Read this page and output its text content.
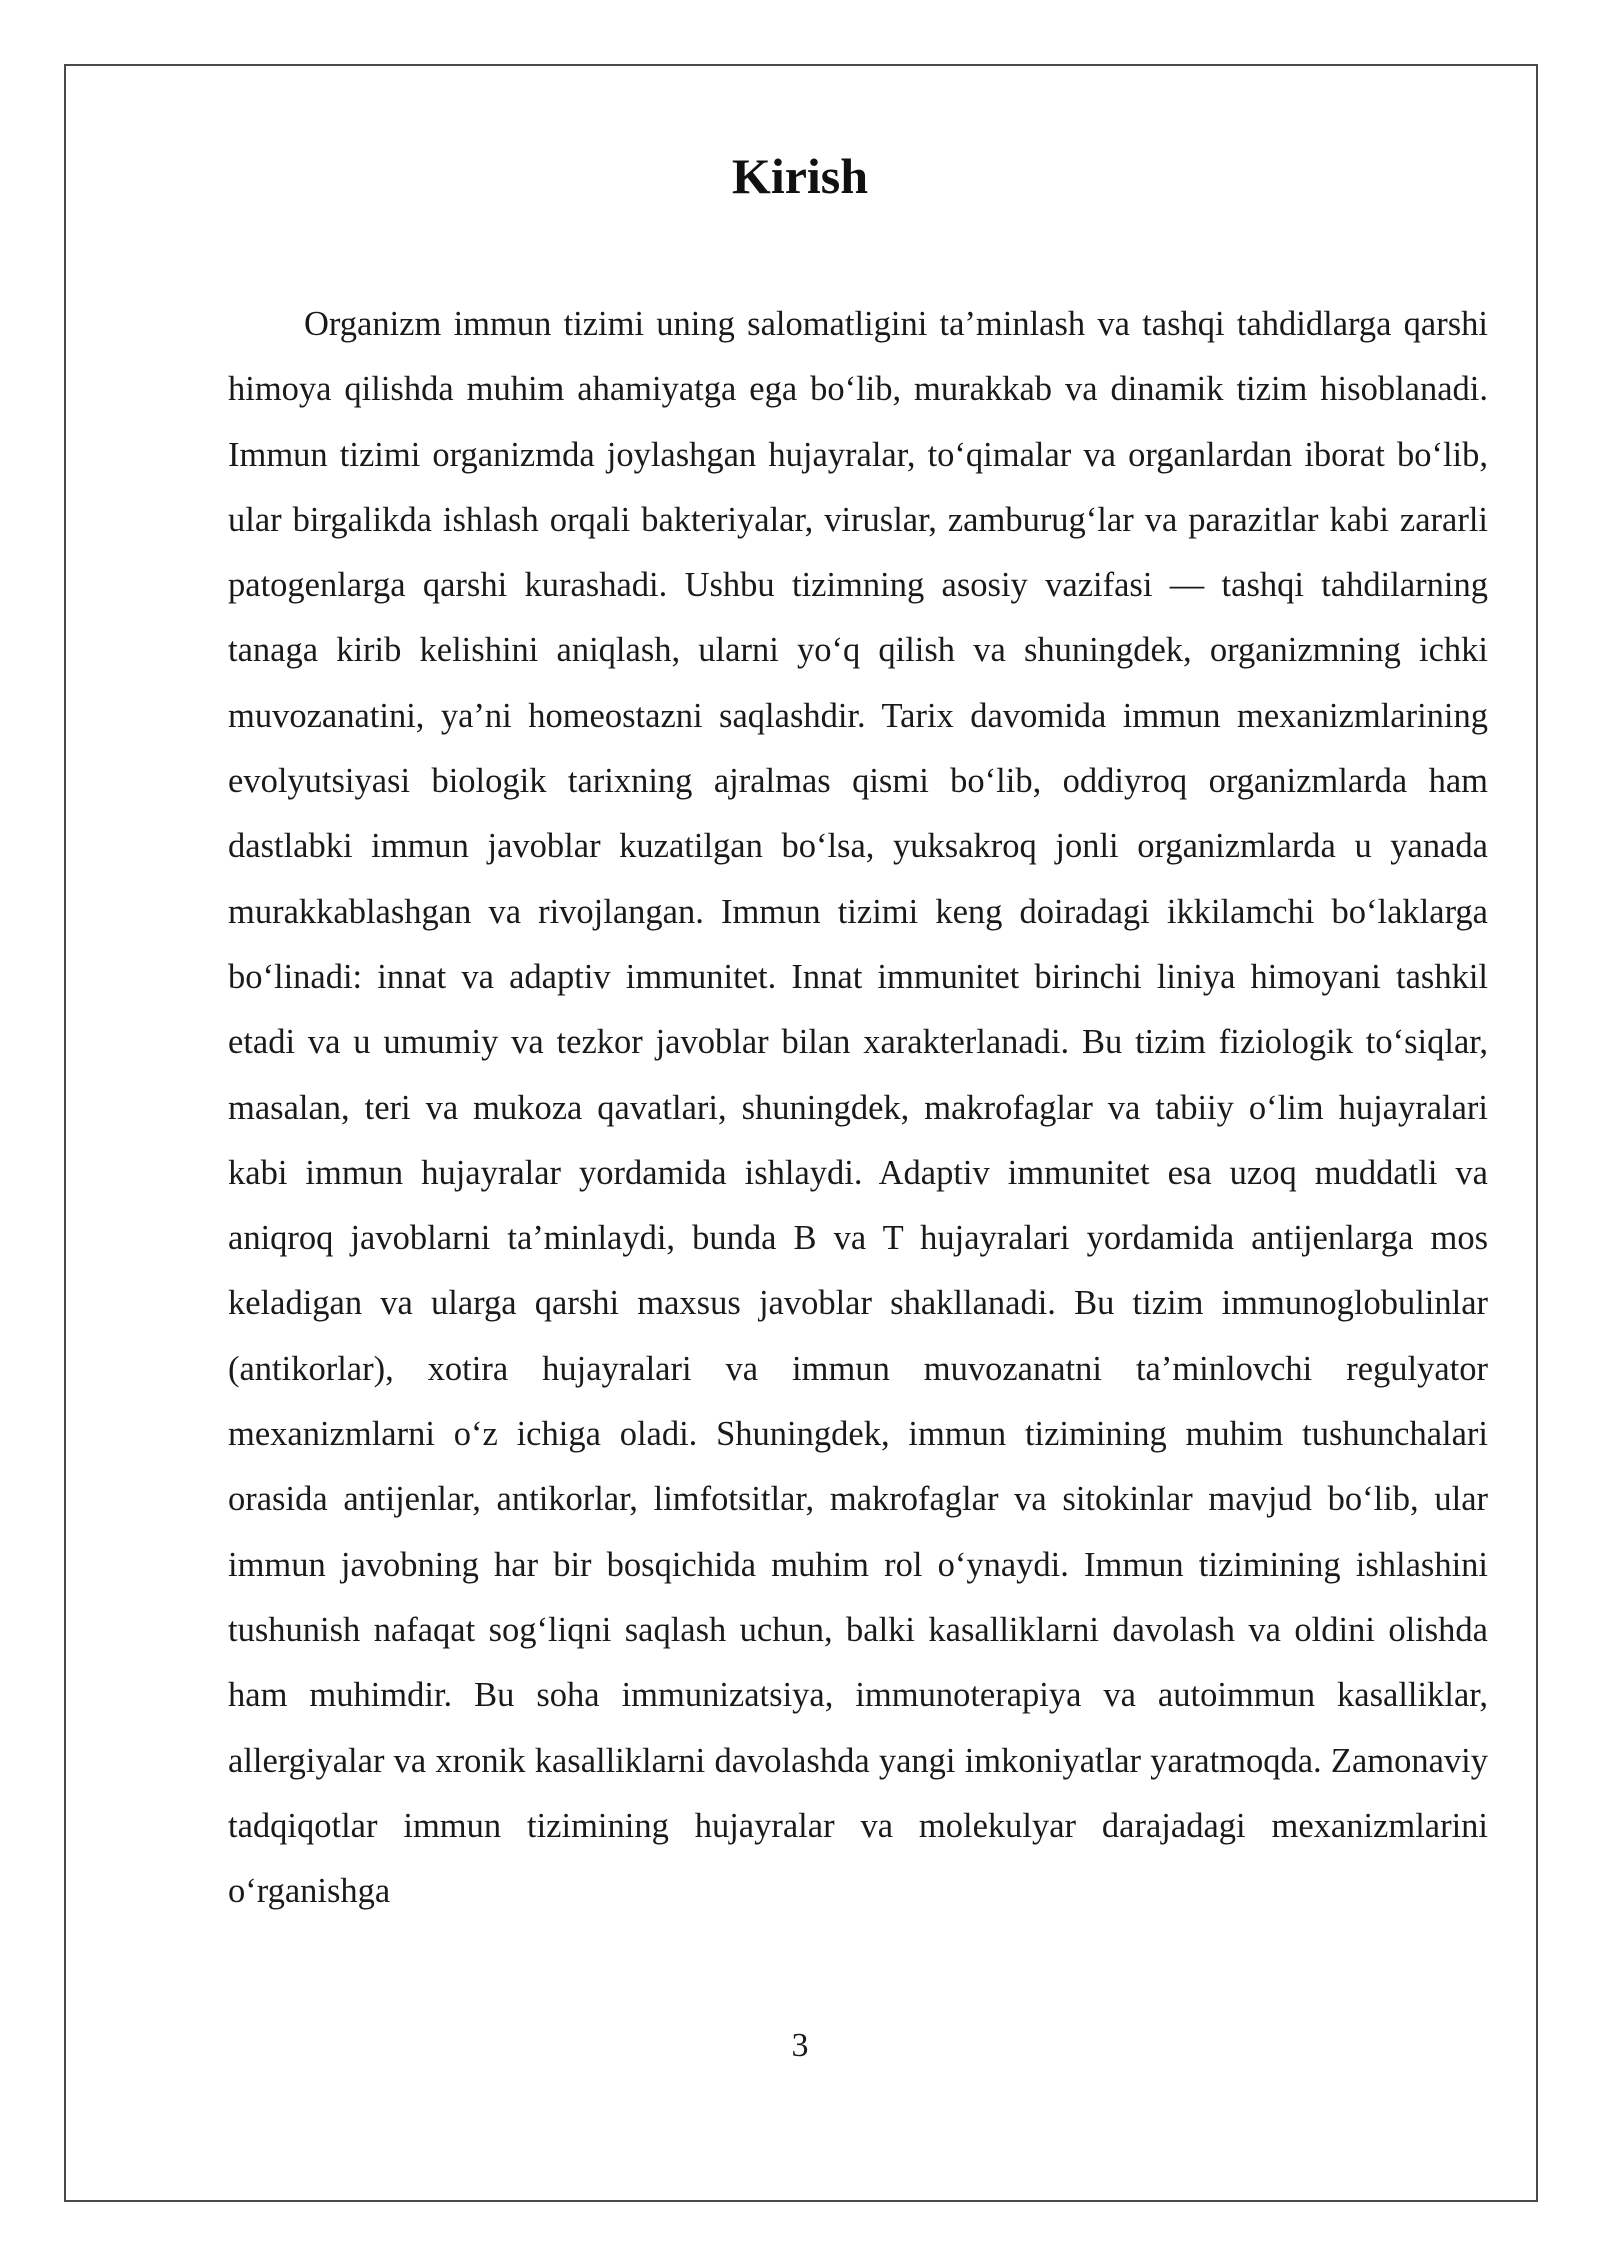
Kirish

Organizm immun tizimi uning salomatligini ta’minlash va tashqi tahdidlarga qarshi himoya qilishda muhim ahamiyatga ega bo‘lib, murakkab va dinamik tizim hisoblanadi. Immun tizimi organizmda joylashgan hujayralar, to‘qimalar va organlardan iborat bo‘lib, ular birgalikda ishlash orqali bakteriyalar, viruslar, zamburug‘lar va parazitlar kabi zararli patogenlarga qarshi kurashadi. Ushbu tizimning asosiy vazifasi — tashqi tahdilarning tanaga kirib kelishini aniqlash, ularni yo‘q qilish va shuningdek, organizmning ichki muvozanatini, ya’ni homeostazni saqlashdir. Tarix davomida immun mexanizmlarining evolyutsiyasi biologik tarixning ajralmas qismi bo‘lib, oddiyroq organizmlarda ham dastlabki immun javoblar kuzatilgan bo‘lsa, yuksakroq jonli organizmlarda u yanada murakkablashgan va rivojlangan. Immun tizimi keng doiradagi ikkilamchi bo‘laklarga bo‘linadi: innat va adaptiv immunitet. Innat immunitet birinchi liniya himoyani tashkil etadi va u umumiy va tezkor javoblar bilan xarakterlanadi. Bu tizim fiziologik to‘siqlar, masalan, teri va mukoza qavatlari, shuningdek, makrofaglar va tabiiy o‘lim hujayralari kabi immun hujayralar yordamida ishlaydi. Adaptiv immunitet esa uzoq muddatli va aniqroq javoblarni ta’minlaydi, bunda B va T hujayralari yordamida antijenlarga mos keladigan va ularga qarshi maxsus javoblar shakllanadi. Bu tizim immunoglobulinlar (antikorlar), xotira hujayralari va immun muvozanatni ta’minlovchi regulyator mexanizmlarni o‘z ichiga oladi. Shuningdek, immun tizimining muhim tushunchalari orasida antijenlar, antikorlar, limfotsitlar, makrofaglar va sitokinlar mavjud bo‘lib, ular immun javobning har bir bosqichida muhim rol o‘ynaydi. Immun tizimining ishlashini tushunish nafaqat sog‘liqni saqlash uchun, balki kasalliklarni davolash va oldini olishda ham muhimdir. Bu soha immunizatsiya, immunoterapiya va autoimmun kasalliklar, allergiyalar va xronik kasalliklarni davolashda yangi imkoniyatlar yaratmoqda. Zamonaviy tadqiqotlar immun tizimining hujayralar va molekulyar darajadagi mexanizmlarini o‘rganishga

3
